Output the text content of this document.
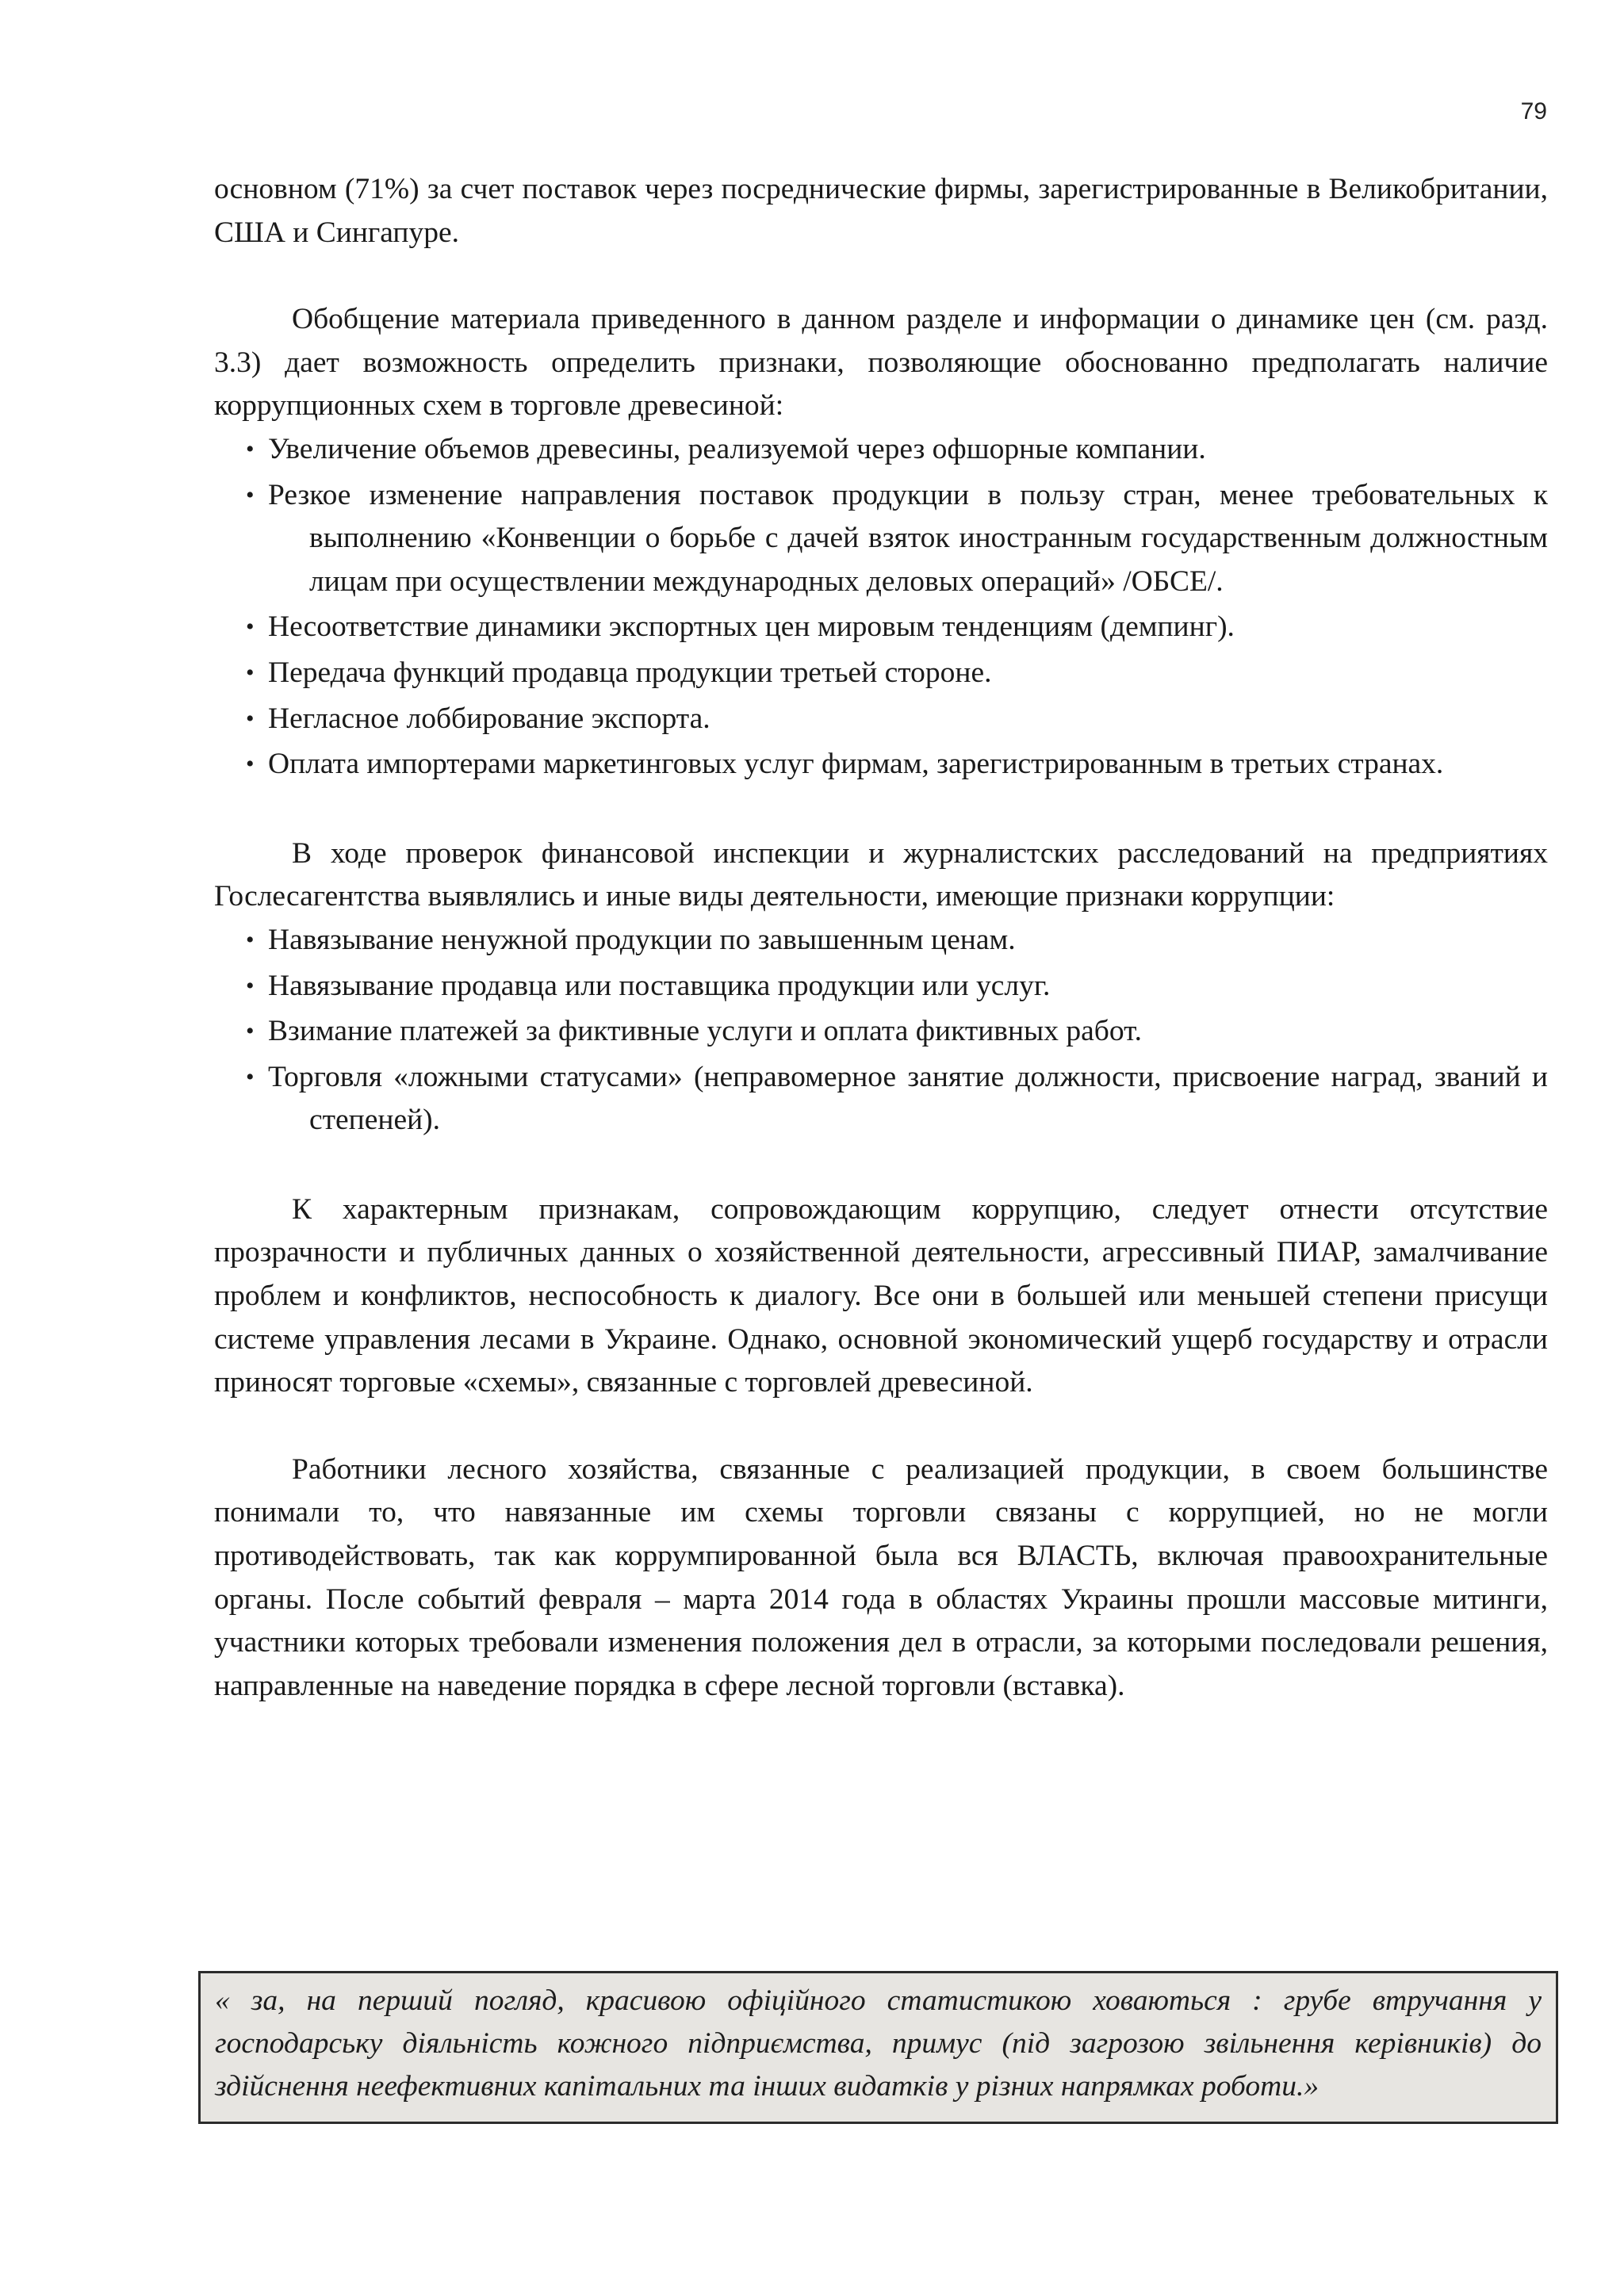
79

основном (71%) за счет поставок через посреднические фирмы, зарегистрированные в Великобритании, США и Сингапуре.

Обобщение материала приведенного в данном разделе и информации о динамике цен (см. разд. 3.3) дает возможность определить признаки, позволяющие обоснованно предполагать наличие коррупционных схем в торговле древесиной:

• Увеличение объемов древесины, реализуемой через офшорные компании.
• Резкое изменение направления поставок продукции в пользу стран, менее требовательных к выполнению «Конвенции о борьбе с дачей взяток иностранным государственным должностным лицам при осуществлении международных деловых операций» /ОБСЕ/.
• Несоответствие динамики экспортных цен мировым тенденциям (демпинг).
• Передача функций продавца продукции третьей стороне.
• Негласное лоббирование экспорта.
• Оплата импортерами маркетинговых услуг фирмам, зарегистрированным в третьих странах.

В ходе проверок финансовой инспекции и журналистских расследований на предприятиях Гослесагентства выявлялись и иные виды деятельности, имеющие признаки коррупции:

• Навязывание ненужной продукции по завышенным ценам.
• Навязывание продавца или поставщика продукции или услуг.
• Взимание платежей за фиктивные услуги и оплата фиктивных работ.
• Торговля «ложными статусами» (неправомерное занятие должности, присвоение наград, званий и степеней).

К характерным признакам, сопровождающим коррупцию, следует отнести отсутствие прозрачности и публичных данных о хозяйственной деятельности, агрессивный ПИАР, замалчивание проблем и конфликтов, неспособность к диалогу. Все они в большей или меньшей степени присущи системе управления лесами в Украине. Однако, основной экономический ущерб государству и отрасли приносят торговые «схемы», связанные с торговлей древесиной.

Работники лесного хозяйства, связанные с реализацией продукции, в своем большинстве понимали то, что навязанные им схемы торговли связаны с коррупцией, но не могли противодействовать, так как коррумпированной была вся ВЛАСТЬ, включая правоохранительные органы. После событий февраля – марта 2014 года в областях Украины прошли массовые митинги, участники которых требовали изменения положения дел в отрасли, за которыми последовали решения, направленные на наведение порядка в сфере лесной торговли (вставка).

« за, на перший погляд, красивою офіційного статистикою ховаються : грубе втручання у господарську діяльність кожного підприємства, примус (під загрозою звільнення керівників) до здійснення неефективних капітальних та інших видатків у різних напрямках роботи.»
